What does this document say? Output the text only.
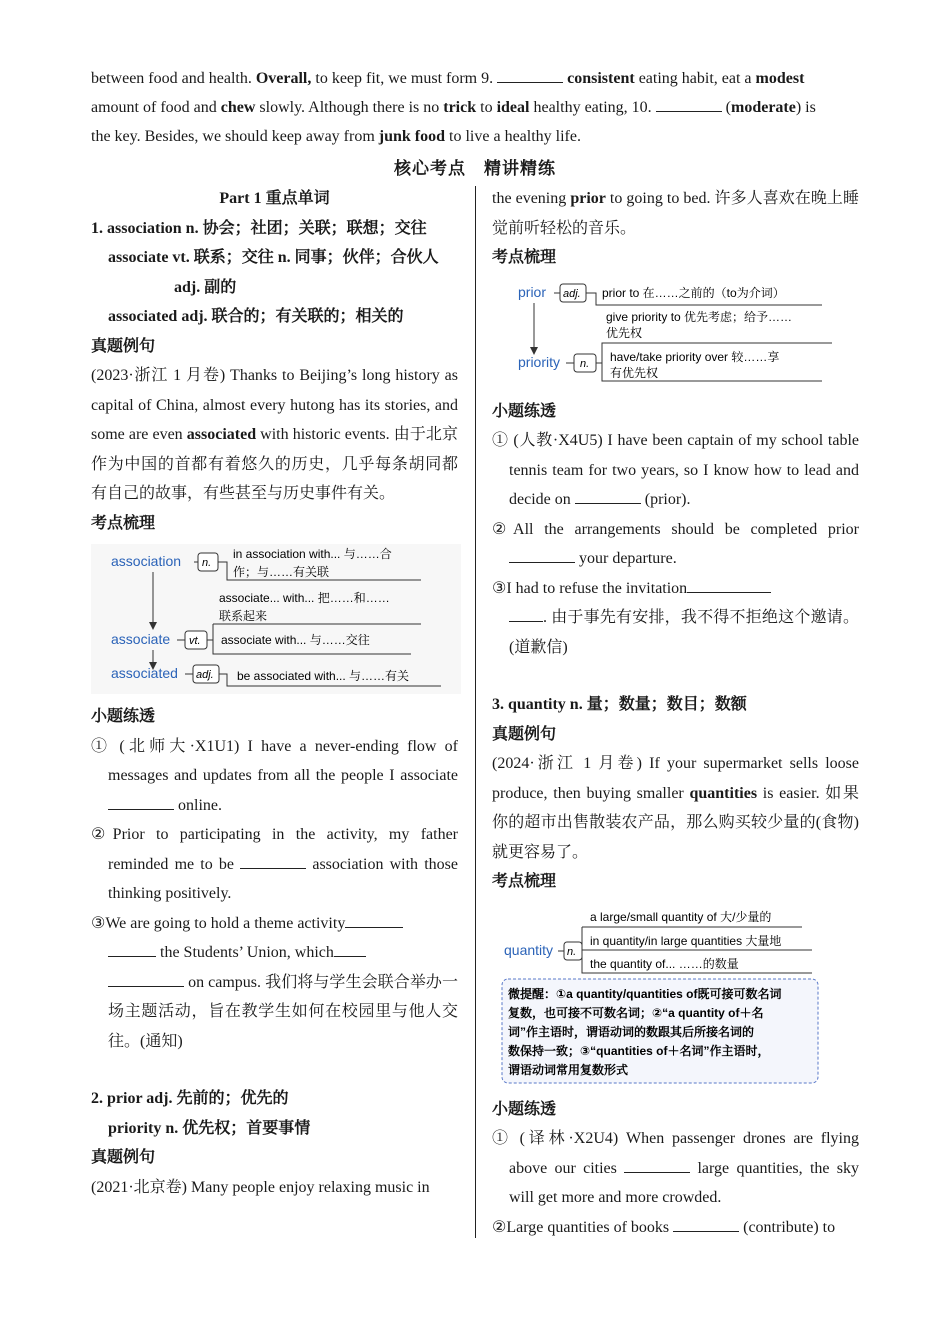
between food and health. Overall, to keep fit, we must form 9.	consistent eating habit, eat a modest
amount of food and chew slowly. Although there is no trick to ideal healthy eating, 10.	(moderate) is
the key. Besides, we should keep away from junk food to live a healthy life.
核心考点　精讲精练
Part 1 重点单词
1. association n. 协会；社团；关联；联想；交往
associate vt. 联系；交往 n. 同事；伙伴；合伙人
adj. 副的
associated adj. 联合的；有关联的；相关的
真题例句
(2023·浙江 1 月卷) Thanks to Beijing’s long history as capital of China, almost every hutong has its stories, and some are even associated with historic events. 由于北京作为中国的首都有着悠久的历史，几乎每条胡同都有自己的故事，有些甚至与历史事件有关。
考点梳理
association n.
in association with... 与……合
作；与……有关联
associate... with... 把……和……
联系起来
associate vt. associate with... 与……交往
associated adj. be associated with... 与……有关
小题练透
① (北师大·X1U1) I have a never-ending flow of messages and updates from all the people I associate  online.
②Prior to participating in the activity, my father reminded me to be	association with those thinking positively.
③We are going to hold a theme activity
the Students’ Union, which
on campus. 我们将与学生会联合举办一场主题活动，旨在教学生如何在校园里与他人交往。(通知)
2. prior adj. 先前的；优先的
priority n. 优先权；首要事情
真题例句
(2021·北京卷) Many people enjoy relaxing music in
the evening prior to going to bed. 许多人喜欢在晚上睡觉前听轻松的音乐。
考点梳理
prior adj. prior to 在……之前的（to为介词）
give priority to 优先考虑；给予……
优先权
priority n. have/take priority over 较……享
有优先权
小题练透
① (人教·X4U5) I have been captain of my school table tennis team for two years, so I know how to lead and decide on	(prior).
②All the arrangements should be completed prior  your departure.
③I had to refuse the invitation
. 由于事先有安排，我不得不拒绝这个邀请。(道歉信)
3. quantity n. 量；数量；数目；数额
真题例句
(2024·浙江 1 月卷) If your supermarket sells loose produce, then buying smaller quantities is easier. 如果你的超市出售散装农产品，那么购买较少量的(食物) 就更容易了。
考点梳理
a large/small quantity of 大/少量的
quantity n.
in quantity/in large quantities 大量地
the quantity of... ……的数量
微提醒：①a quantity/quantities of既可接可数名词
复数，也可接不可数名词；②“a quantity of＋名
词”作主语时，谓语动词的数跟其后所接名词的
数保持一致；③“quantities of＋名词”作主语时，
谓语动词常用复数形式
小题练透
① (译林·X2U4) When passenger drones are flying above our cities	large quantities, the sky will get more and more crowded.
②Large quantities of books	(contribute) to
